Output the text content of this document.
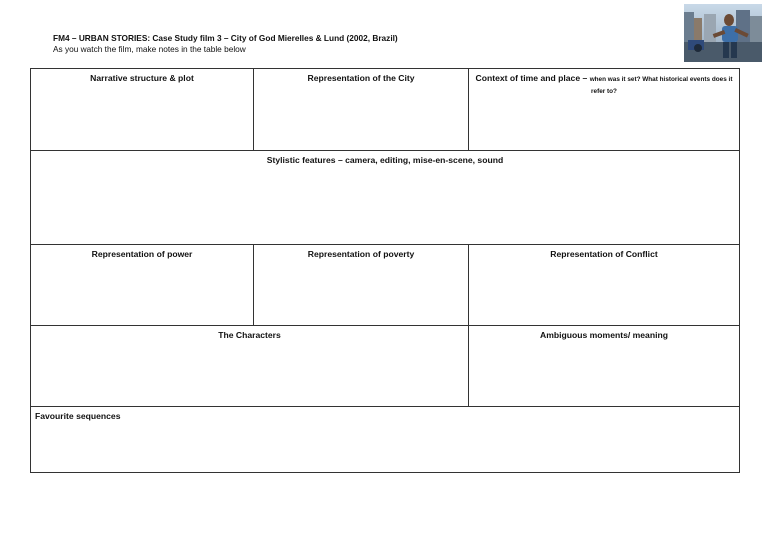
FM4 – URBAN STORIES: Case Study film 3 – City of God Mierelles & Lund (2002, Brazil)
As you watch the film, make notes in the table below
Narrative structure & plot	Representation of the City	Context of time and place – when was it set? What historical events does it refer to?
Stylistic features – camera, editing, mise-en-scene, sound
Representation of power	Representation of poverty	Representation of Conflict
The Characters	Ambiguous moments/ meaning
Favourite sequences
